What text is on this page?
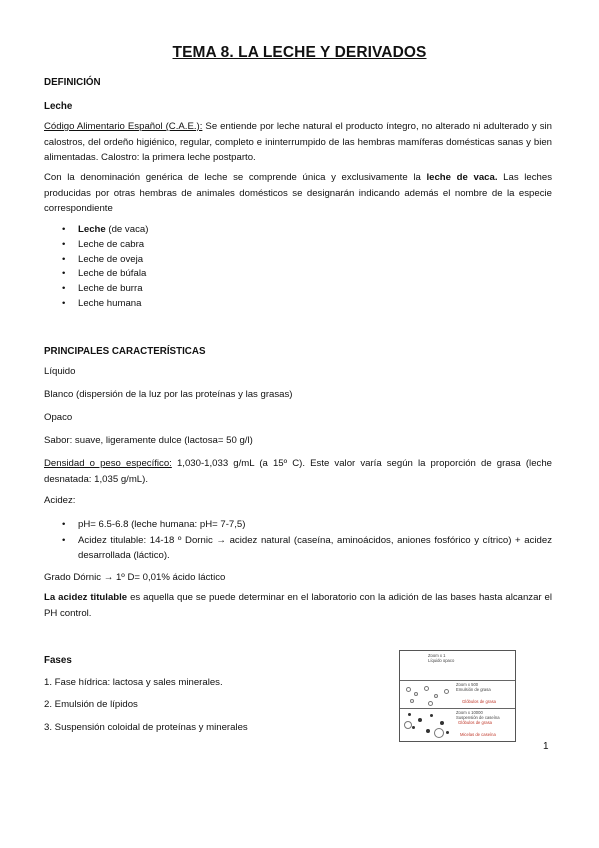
TEMA 8. LA LECHE Y DERIVADOS
DEFINICIÓN
Leche
Código Alimentario Español (C.A.E.): Se entiende por leche natural el producto íntegro, no alterado ni adulterado y sin calostros, del ordeño higiénico, regular, completo e ininterrumpido de las hembras mamíferas domésticas sanas y bien alimentadas. Calostro: la primera leche postparto.
Con la denominación genérica de leche se comprende única y exclusivamente la leche de vaca. Las leches producidas por otras hembras de animales domésticos se designarán indicando además el nombre de la especie correspondiente
• Leche (de vaca)
• Leche de cabra
• Leche de oveja
• Leche de búfala
• Leche de burra
• Leche humana
PRINCIPALES CARACTERÍSTICAS
Líquido
Blanco (dispersión de la luz por las proteínas y las grasas)
Opaco
Sabor: suave, ligeramente dulce (lactosa= 50 g/l)
Densidad o peso específico: 1,030-1,033 g/mL (a 15º C). Este valor varía según la proporción de grasa (leche desnatada: 1,035 g/mL).
Acidez:
• pH= 6.5-6.8 (leche humana: pH= 7-7,5)
• Acidez titulable: 14-18 º Dornic → acidez natural (caseína, aminoácidos, aniones fosfórico y cítrico) + acidez desarrollada (láctico).
Grado Dórnic → 1º D= 0,01% ácido láctico
La acidez titulable es aquella que se puede determinar en el laboratorio con la adición de las bases hasta alcanzar el PH control.
Fases
1. Fase hídrica: lactosa y sales minerales.
2. Emulsión de lípidos
3. Suspensión coloidal de proteínas y minerales
Zoom x 1
Líquido opaco
Zoom x 500
Emulsión de grasa
Glóbulos de grasa
Zoom x 10000
Suspensión de caseína
Glóbulos de grasa
Micelas de caseína
1
